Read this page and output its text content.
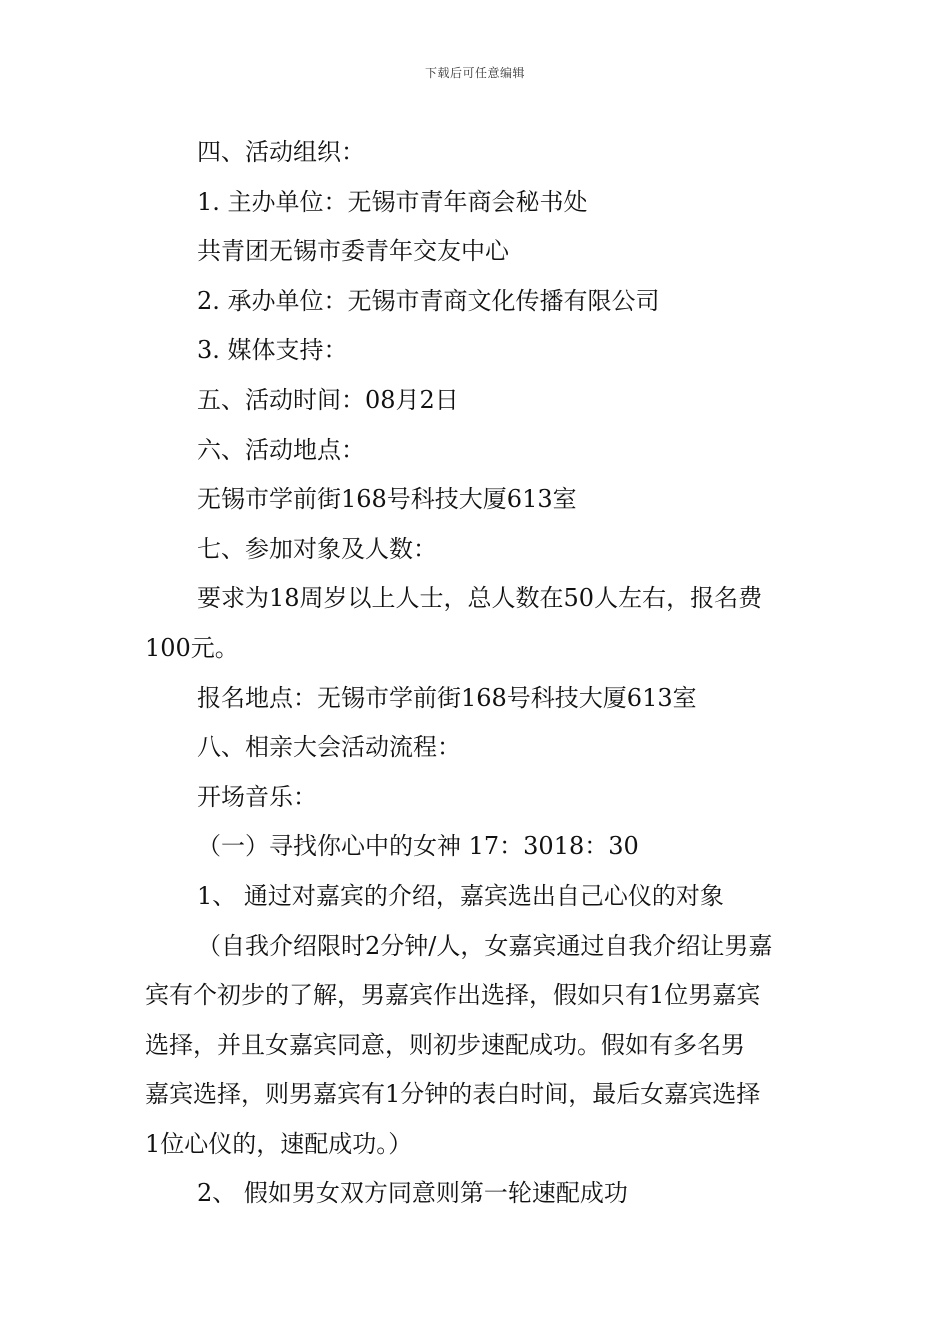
下载后可任意编辑
四、活动组织：
1. 主办单位：无锡市青年商会秘书处
共青团无锡市委青年交友中心
2. 承办单位：无锡市青商文化传播有限公司
3. 媒体支持：
五、活动时间：08月2日
六、活动地点：
无锡市学前街168号科技大厦613室
七、参加对象及人数：
要求为18周岁以上人士，总人数在50人左右，报名费
100元。
报名地点：无锡市学前街168号科技大厦613室
八、相亲大会活动流程：
开场音乐：
（一）寻找你心中的女神 17：3018：30
1、 通过对嘉宾的介绍，嘉宾选出自己心仪的对象
（自我介绍限时2分钟/人，女嘉宾通过自我介绍让男嘉
宾有个初步的了解，男嘉宾作出选择，假如只有1位男嘉宾
选择，并且女嘉宾同意，则初步速配成功。假如有多名男
嘉宾选择，则男嘉宾有1分钟的表白时间，最后女嘉宾选择
1位心仪的，速配成功。）
2、 假如男女双方同意则第一轮速配成功
